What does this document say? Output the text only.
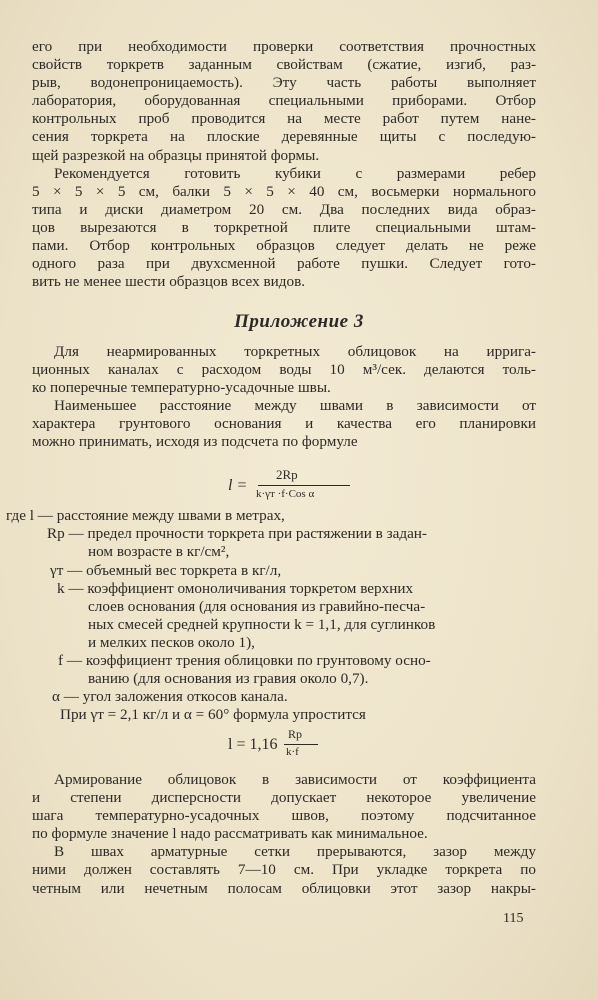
его при необходимости проверки соответствия прочностных
свойств торкретв заданным свойствам (сжатие, изгиб, раз-
рыв, водонепроницаемость). Эту часть работы выполняет
лаборатория, оборудованная специальными приборами. Отбор
контрольных проб проводится на месте работ путем нане-
сения торкрета на плоские деревянные щиты с последую-
щей разрезкой на образцы принятой формы.
Рекомендуется готовить кубики с размерами ребер
5 × 5 × 5 см, балки 5 × 5 × 40 см, восьмерки нормального
типа и диски диаметром 20 см. Два последних вида образ-
цов вырезаются в торкретной плите специальными штам-
пами. Отбор контрольных образцов следует делать не реже
одного раза при двухсменной работе пушки. Следует гото-
вить не менее шести образцов всех видов.
Приложение 3
Для неармированных торкретных облицовок на ирригa-
ционных каналах с расходом воды 10 м³/сек. делаются толь-
ко поперечные температурно-усадочные швы.
Наименьшее расстояние между швами в зависимости от
характера грунтового основания и качества его планировки
можно принимать, исходя из подсчета по формуле
l =
2Rp
k·γт ·f·Cos α
где l — расстояние между швами в метрах,
Rp — предел прочности торкрета при растяжении в задан-
ном возрасте в кг/см²,
γт — объемный вес торкрета в кг/л,
k — коэффициент омоноличивания торкретом верхних
слоев основания (для основания из гравийно-песча-
ных смесей средней крупности k = 1,1, для суглинков
и мелких песков около 1),
f — коэффициент трения облицовки по грунтовому осно-
ванию (для основания из гравия около 0,7).
α — угол заложения откосов канала.
При γт = 2,1 кг/л и α = 60° формула упростится
l = 1,16
Rp
k·f
Армирование облицовок в зависимости от коэффициента
и степени дисперсности допускает некоторое увеличение
шага температурно-усадочных швов, поэтому подсчитанное
по формуле значение l надо рассматривать как минимальное.
В швах арматурные сетки прерываются, зазор между
ними должен составлять 7—10 см. При укладке торкрета по
четным или нечетным полосам облицовки этот зазор накры-
115
